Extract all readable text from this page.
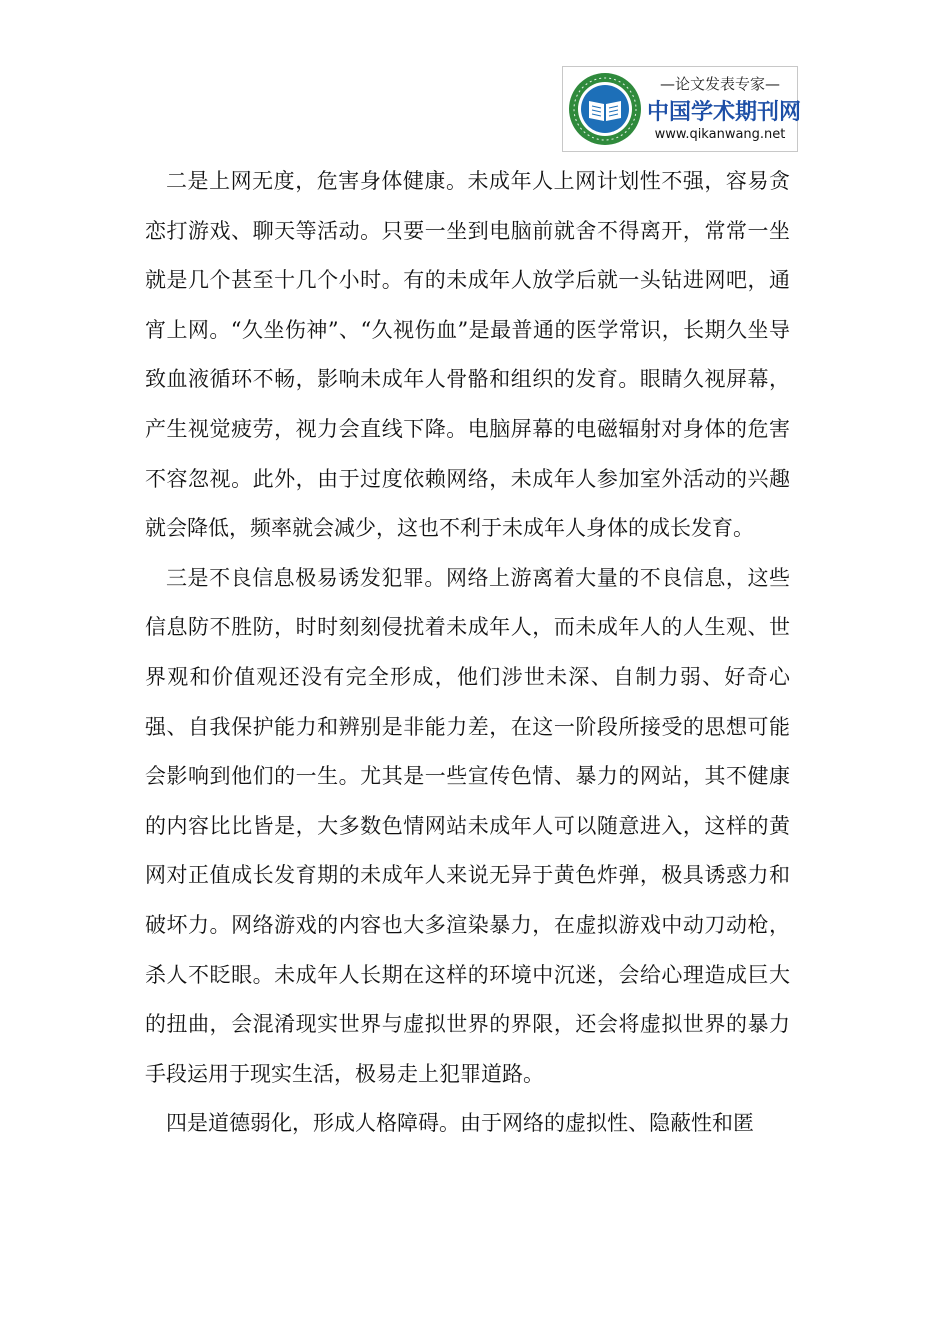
—论文发表专家—
中国学术期刊网
www.qikanwang.net

二是上网无度，危害身体健康。未成年人上网计划性不强，容易贪恋打游戏、聊天等活动。只要一坐到电脑前就舍不得离开，常常一坐就是几个甚至十几个小时。有的未成年人放学后就一头钻进网吧，通宵上网。“久坐伤神”、“久视伤血”是最普通的医学常识，长期久坐导致血液循环不畅，影响未成年人骨骼和组织的发育。眼睛久视屏幕，产生视觉疲劳，视力会直线下降。电脑屏幕的电磁辐射对身体的危害不容忽视。此外，由于过度依赖网络，未成年人参加室外活动的兴趣就会降低，频率就会减少，这也不利于未成年人身体的成长发育。

三是不良信息极易诱发犯罪。网络上游离着大量的不良信息，这些信息防不胜防，时时刻刻侵扰着未成年人，而未成年人的人生观、世界观和价值观还没有完全形成，他们涉世未深、自制力弱、好奇心强、自我保护能力和辨别是非能力差，在这一阶段所接受的思想可能会影响到他们的一生。尤其是一些宣传色情、暴力的网站，其不健康的内容比比皆是，大多数色情网站未成年人可以随意进入，这样的黄网对正值成长发育期的未成年人来说无异于黄色炸弹，极具诱惑力和破坏力。网络游戏的内容也大多渲染暴力，在虚拟游戏中动刀动枪，杀人不眨眼。未成年人长期在这样的环境中沉迷，会给心理造成巨大的扭曲，会混淆现实世界与虚拟世界的界限，还会将虚拟世界的暴力手段运用于现实生活，极易走上犯罪道路。

四是道德弱化，形成人格障碍。由于网络的虚拟性、隐蔽性和匿
